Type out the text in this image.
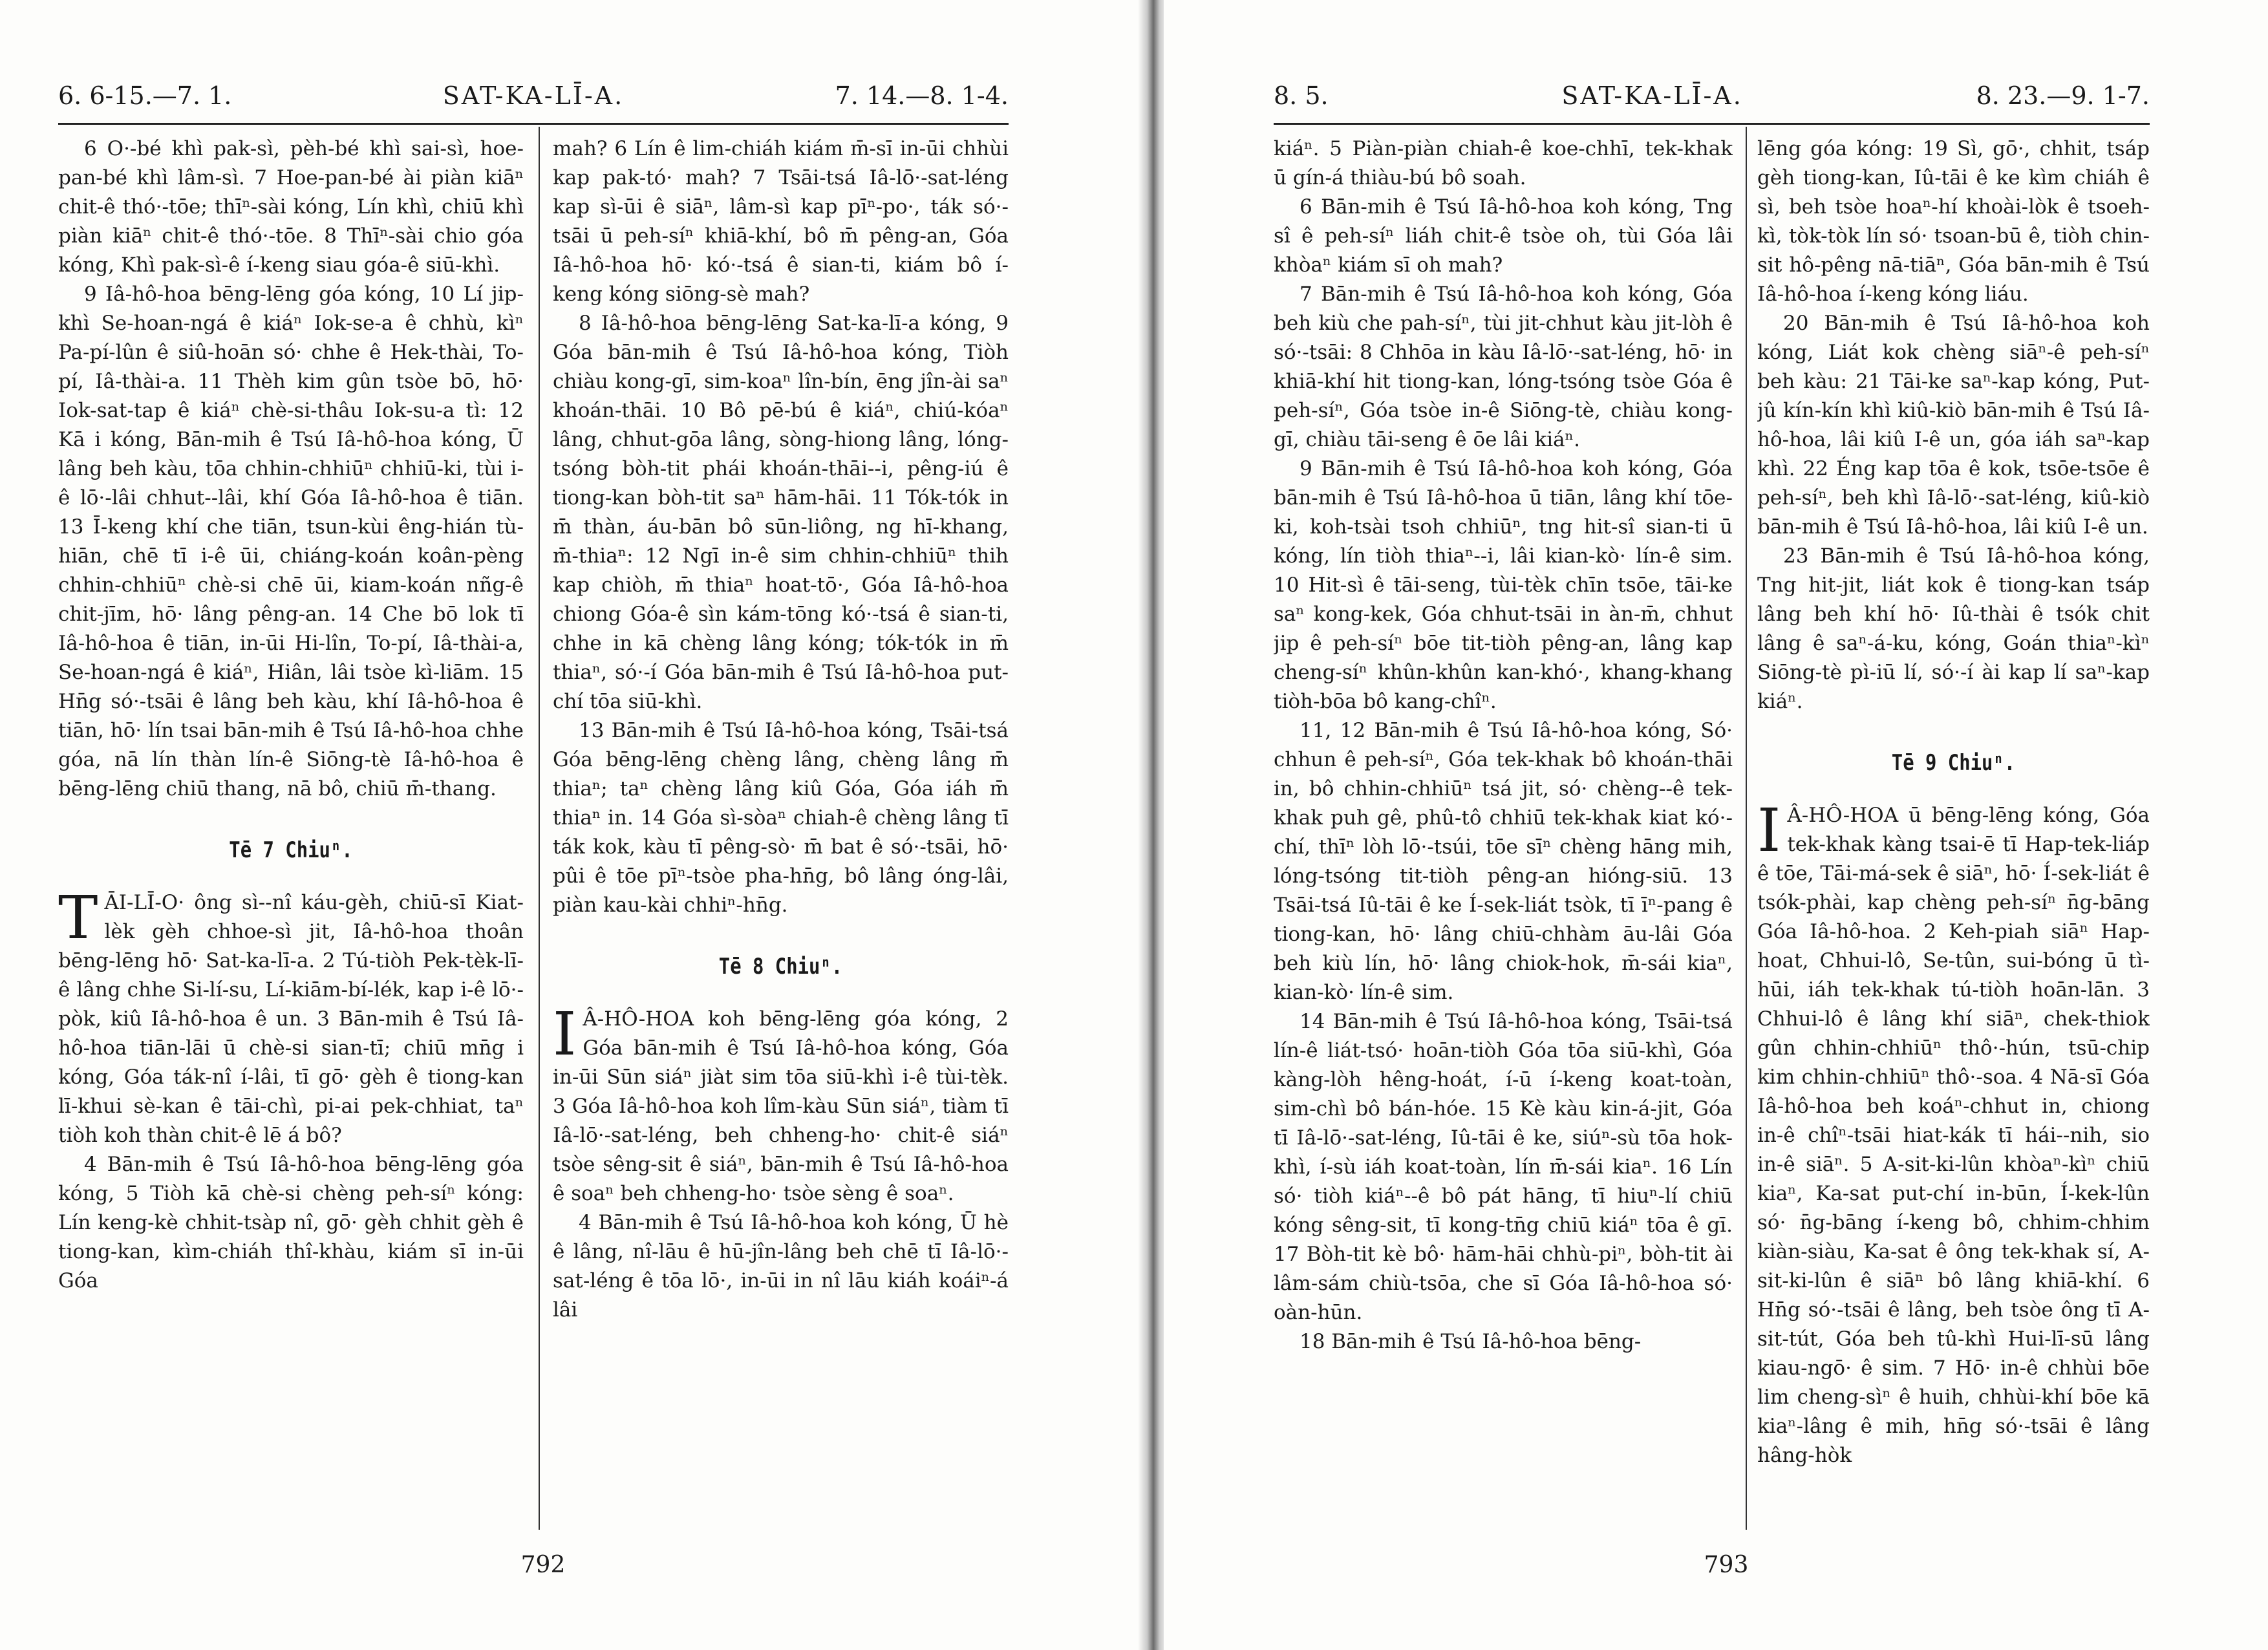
6. 6-15.—7. 1.	SAT-KA-LĪ-A.	7. 14.—8. 1-4.

6 O·-bé khì pak-sì, pèh-bé khì sai-sì, hoe-pan-bé khì lâm-sì. 7 Hoe-pan-bé ài piàn kiāⁿ chit-ê thó·-tōe; thīⁿ-sài kóng, Lín khì, chiū khì piàn kiāⁿ chit-ê thó·-tōe. 8 Thīⁿ-sài chio góa kóng, Khì pak-sì-ê í-keng siau góa-ê siū-khì.

9 Iâ-hô-hoa bēng-lēng góa kóng, 10 Lí jip-khì Se-hoan-ngá ê kiáⁿ Iok-se-a ê chhù, kìⁿ Pa-pí-lûn ê siû-hoān só· chhe ê Hek-thài, To-pí, Iâ-thài-a. 11 Thèh kim gûn tsòe bō, hō· Iok-sat-tap ê kiáⁿ chè-si-thâu Iok-su-a tì: 12 Kā i kóng, Bān-mih ê Tsú Iâ-hô-hoa kóng, Ū lâng beh kàu, tōa chhin-chhiūⁿ chhiū-ki, tùi i-ê lō·-lâi chhut--lâi, khí Góa Iâ-hô-hoa ê tiān. 13 Ī-keng khí che tiān, tsun-kùi êng-hián tù-hiān, chē tī i-ê ūi, chiáng-koán koân-pèng chhin-chhiūⁿ chè-si chē ūi, kiam-koán nñg-ê chit-jīm, hō· lâng pêng-an. 14 Che bō lok tī Iâ-hô-hoa ê tiān, in-ūi Hi-lîn, To-pí, Iâ-thài-a, Se-hoan-ngá ê kiáⁿ, Hiân, lâi tsòe kì-liām. 15 Hn̄g só·-tsāi ê lâng beh kàu, khí Iâ-hô-hoa ê tiān, hō· lín tsai bān-mih ê Tsú Iâ-hô-hoa chhe góa, nā lín thàn lín-ê Siōng-tè Iâ-hô-hoa ê bēng-lēng chiū thang, nā bô, chiū m̄-thang.

Tē 7 Chiuⁿ.

TĀI-LĪ-O· ông sì--nî káu-gèh, chiū-sī Kiat-lèk gèh chhoe-sì jit, Iâ-hô-hoa thoân bēng-lēng hō· Sat-ka-lī-a. 2 Tú-tiòh Pek-tèk-lī-ê lâng chhe Si-lí-su, Lí-kiām-bí-lék, kap i-ê lō·-pòk, kiû Iâ-hô-hoa ê un. 3 Bān-mih ê Tsú Iâ-hô-hoa tiān-lāi ū chè-si sian-tī; chiū mn̄g i kóng, Góa ták-nî í-lâi, tī gō· gèh ê tiong-kan lī-khui sè-kan ê tāi-chì, pi-ai pek-chhiat, taⁿ tiòh koh thàn chit-ê lē á bô?

4 Bān-mih ê Tsú Iâ-hô-hoa bēng-lēng góa kóng, 5 Tiòh kā chè-si chèng peh-síⁿ kóng: Lín keng-kè chhit-tsàp nî, gō· gèh chhit gèh ê tiong-kan, kìm-chiáh thî-khàu, kiám sī in-ūi Góa

mah? 6 Lín ê lim-chiáh kiám m̄-sī in-ūi chhùi kap pak-tó· mah? 7 Tsāi-tsá Iâ-lō·-sat-léng kap sì-ūi ê siāⁿ, lâm-sì kap pīⁿ-po·, ták só·-tsāi ū peh-síⁿ khiā-khí, bô m̄ pêng-an, Góa Iâ-hô-hoa hō· kó·-tsá ê sian-ti, kiám bô í-keng kóng siōng-sè mah?

8 Iâ-hô-hoa bēng-lēng Sat-ka-lī-a kóng, 9 Góa bān-mih ê Tsú Iâ-hô-hoa kóng, Tiòh chiàu kong-gī, sim-koaⁿ lîn-bín, ēng jîn-ài saⁿ khoán-thāi. 10 Bô pē-bú ê kiáⁿ, chiú-kóaⁿ lâng, chhut-gōa lâng, sòng-hiong lâng, lóng-tsóng bòh-tit phái khoán-thāi--i, pêng-iú ê tiong-kan bòh-tit saⁿ hām-hāi. 11 Tók-tók in m̄ thàn, áu-bān bô sūn-liông, ng hī-khang, m̄-thiaⁿ: 12 Ngī in-ê sim chhin-chhiūⁿ thih kap chiòh, m̄ thiaⁿ hoat-tō·, Góa Iâ-hô-hoa chiong Góa-ê sìn kám-tōng kó·-tsá ê sian-ti, chhe in kā chèng lâng kóng; tók-tók in m̄ thiaⁿ, só·-í Góa bān-mih ê Tsú Iâ-hô-hoa put-chí tōa siū-khì.

13 Bān-mih ê Tsú Iâ-hô-hoa kóng, Tsāi-tsá Góa bēng-lēng chèng lâng, chèng lâng m̄ thiaⁿ; taⁿ chèng lâng kiû Góa, Góa iáh m̄ thiaⁿ in. 14 Góa sì-sòaⁿ chiah-ê chèng lâng tī ták kok, kàu tī pêng-sò· m̄ bat ê só·-tsāi, hō· pûi ê tōe pīⁿ-tsòe pha-hn̄g, bô lâng óng-lâi, piàn kau-kài chhiⁿ-hn̄g.

Tē 8 Chiuⁿ.

I Â-HÔ-HOA koh bēng-lēng góa kóng, 2 Góa bān-mih ê Tsú Iâ-hô-hoa kóng, Góa in-ūi Sūn siáⁿ jiàt sim tōa siū-khì i-ê tùi-tèk. 3 Góa Iâ-hô-hoa koh lîm-kàu Sūn siáⁿ, tiàm tī Iâ-lō·-sat-léng, beh chheng-ho· chit-ê siáⁿ tsòe sêng-sit ê siáⁿ, bān-mih ê Tsú Iâ-hô-hoa ê soaⁿ beh chheng-ho· tsòe sèng ê soaⁿ.

4 Bān-mih ê Tsú Iâ-hô-hoa koh kóng, Ū hè ê lâng, nî-lāu ê hū-jîn-lâng beh chē tī Iâ-lō·-sat-léng ê tōa lō·, in-ūi in nî lāu kiáh koáiⁿ-á lâi

792
8. 5.	SAT-KA-LĪ-A.	8. 23.—9. 1-7.

kiáⁿ. 5 Piàn-piàn chiah-ê koe-chhī, tek-khak ū gín-á thiàu-bú bô soah.

6 Bān-mih ê Tsú Iâ-hô-hoa koh kóng, Tng sî ê peh-síⁿ liáh chit-ê tsòe oh, tùi Góa lâi khòaⁿ kiám sī oh mah?

7 Bān-mih ê Tsú Iâ-hô-hoa koh kóng, Góa beh kiù che pah-síⁿ, tùi jit-chhut kàu jit-lòh ê só·-tsāi: 8 Chhōa in kàu Iâ-lō·-sat-léng, hō· in khiā-khí hit tiong-kan, lóng-tsóng tsòe Góa ê peh-síⁿ, Góa tsòe in-ê Siōng-tè, chiàu kong-gī, chiàu tāi-seng ê ōe lâi kiáⁿ.

9 Bān-mih ê Tsú Iâ-hô-hoa koh kóng, Góa bān-mih ê Tsú Iâ-hô-hoa ū tiān, lâng khí tōe-ki, koh-tsài tsoh chhiūⁿ, tng hit-sî sian-ti ū kóng, lín tiòh thiaⁿ--i, lâi kian-kò· lín-ê sim. 10 Hit-sì ê tāi-seng, tùi-tèk chīn tsōe, tāi-ke saⁿ kong-kek, Góa chhut-tsāi in àn-m̄, chhut jip ê peh-síⁿ bōe tit-tiòh pêng-an, lâng kap cheng-síⁿ khûn-khûn kan-khó·, khang-khang tiòh-bōa bô kang-chîⁿ.

11, 12 Bān-mih ê Tsú Iâ-hô-hoa kóng, Só· chhun ê peh-síⁿ, Góa tek-khak bô khoán-thāi in, bô chhin-chhiūⁿ tsá jit, só· chèng--ê tek-khak puh gê, phû-tô chhiū tek-khak kiat kó·-chí, thīⁿ lòh lō·-tsúi, tōe sīⁿ chèng hāng mih, lóng-tsóng tit-tiòh pêng-an hióng-siū. 13 Tsāi-tsá Iû-tāi ê ke Í-sek-liát tsòk, tī īⁿ-pang ê tiong-kan, hō· lâng chiū-chhàm āu-lâi Góa beh kiù lín, hō· lâng chiok-hok, m̄-sái kiaⁿ, kian-kò· lín-ê sim.

14 Bān-mih ê Tsú Iâ-hô-hoa kóng, Tsāi-tsá lín-ê liát-tsó· hoān-tiòh Góa tōa siū-khì, Góa kàng-lòh hêng-hoát, í-ū í-keng koat-toàn, sim-chì bô bán-hóe. 15 Kè kàu kin-á-jit, Góa tī Iâ-lō·-sat-léng, Iû-tāi ê ke, siúⁿ-sù tōa hok-khì, í-sù iáh koat-toàn, lín m̄-sái kiaⁿ. 16 Lín só· tiòh kiáⁿ--ê bô pát hāng, tī hiuⁿ-lí chiū kóng sêng-sit, tī kong-tn̄g chiū kiáⁿ tōa ê gī. 17 Bòh-tit kè bô· hām-hāi chhù-piⁿ, bòh-tit ài lâm-sám chiù-tsōa, che sī Góa Iâ-hô-hoa só· oàn-hūn.

18 Bān-mih ê Tsú Iâ-hô-hoa bēng-

lēng góa kóng: 19 Sì, gō·, chhit, tsáp gèh tiong-kan, Iû-tāi ê ke kìm chiáh ê sì, beh tsòe hoaⁿ-hí khoài-lòk ê tsoeh-kì, tòk-tòk lín só· tsoan-bū ê, tiòh chin-sit hô-pêng nā-tiāⁿ, Góa bān-mih ê Tsú Iâ-hô-hoa í-keng kóng liáu.

20 Bān-mih ê Tsú Iâ-hô-hoa koh kóng, Liát kok chèng siāⁿ-ê peh-síⁿ beh kàu: 21 Tāi-ke saⁿ-kap kóng, Put-jû kín-kín khì kiû-kiò bān-mih ê Tsú Iâ-hô-hoa, lâi kiû I-ê un, góa iáh saⁿ-kap khì. 22 Éng kap tōa ê kok, tsōe-tsōe ê peh-síⁿ, beh khì Iâ-lō·-sat-léng, kiû-kiò bān-mih ê Tsú Iâ-hô-hoa, lâi kiû I-ê un.

23 Bān-mih ê Tsú Iâ-hô-hoa kóng, Tng hit-jit, liát kok ê tiong-kan tsáp lâng beh khí hō· Iû-thài ê tsók chit lâng ê saⁿ-á-ku, kóng, Goán thiaⁿ-kìⁿ Siōng-tè pì-iū lí, só·-í ài kap lí saⁿ-kap kiáⁿ.

Tē 9 Chiuⁿ.

I Â-HÔ-HOA ū bēng-lēng kóng, Góa tek-khak kàng tsai-ē tī Hap-tek-liáp ê tōe, Tāi-má-sek ê siāⁿ, hō· Í-sek-liát ê tsók-phài, kap chèng peh-síⁿ n̄g-bāng Góa Iâ-hô-hoa. 2 Keh-piah siāⁿ Hap-hoat, Chhui-lô, Se-tûn, sui-bóng ū tì-hūi, iáh tek-khak tú-tiòh hoān-lān. 3 Chhui-lô ê lâng khí siāⁿ, chek-thiok gûn chhin-chhiūⁿ thô·-hún, tsū-chip kim chhin-chhiūⁿ thô·-soa. 4 Nā-sī Góa Iâ-hô-hoa beh koáⁿ-chhut in, chiong in-ê chîⁿ-tsāi hiat-kák tī hái--nih, sio in-ê siāⁿ. 5 A-sit-ki-lûn khòaⁿ-kìⁿ chiū kiaⁿ, Ka-sat put-chí in-būn, Í-kek-lûn só· n̄g-bāng í-keng bô, chhim-chhim kiàn-siàu, Ka-sat ê ông tek-khak sí, A-sit-ki-lûn ê siāⁿ bô lâng khiā-khí. 6 Hn̄g só·-tsāi ê lâng, beh tsòe ông tī A-sit-tút, Góa beh tû-khì Hui-lī-sū lâng kiau-ngō· ê sim. 7 Hō· in-ê chhùi bōe lim cheng-sìⁿ ê huih, chhùi-khí bōe kā kiaⁿ-lâng ê mih, hn̄g só·-tsāi ê lâng hâng-hòk

793
